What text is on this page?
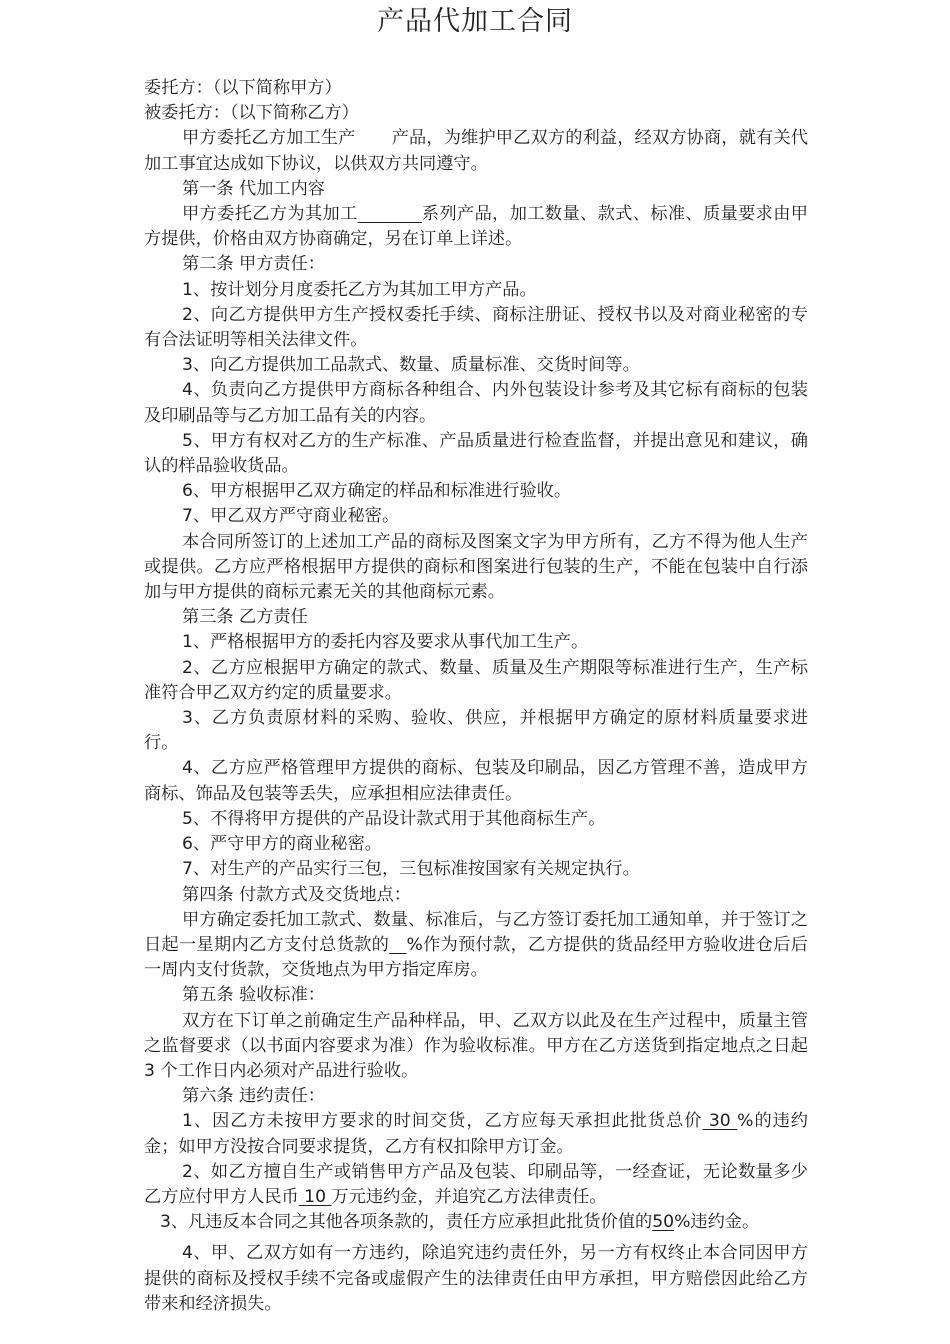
产品代加工合同

委托方：（以下简称甲方）

被委托方：（以下简称乙方）

甲方委托乙方加工生产 产品，为维护甲乙双方的利益，经双方协商，就有关代加工事宜达成如下协议，以供双方共同遵守。

第一条 代加工内容

甲方委托乙方为其加工	系列产品，加工数量、款式、标准、质量要求由甲方提供，价格由双方协商确定，另在订单上详述。

第二条 甲方责任：

1、按计划分月度委托乙方为其加工甲方产品。

2、向乙方提供甲方生产授权委托手续、商标注册证、授权书以及对商业秘密的专有合法证明等相关法律文件。

3、向乙方提供加工品款式、数量、质量标准、交货时间等。

4、负责向乙方提供甲方商标各种组合、内外包装设计参考及其它标有商标的包装及印刷品等与乙方加工品有关的内容。

5、甲方有权对乙方的生产标准、产品质量进行检查监督，并提出意见和建议，确认的样品验收货品。

6、甲方根据甲乙双方确定的样品和标准进行验收。

7、甲乙双方严守商业秘密。

本合同所签订的上述加工产品的商标及图案文字为甲方所有，乙方不得为他人生产或提供。乙方应严格根据甲方提供的商标和图案进行包装的生产，不能在包装中自行添加与甲方提供的商标元素无关的其他商标元素。

第三条 乙方责任

1、严格根据甲方的委托内容及要求从事代加工生产。

2、乙方应根据甲方确定的款式、数量、质量及生产期限等标准进行生产，生产标准符合甲乙双方约定的质量要求。

3、乙方负责原材料的采购、验收、供应，并根据甲方确定的原材料质量要求进行。

4、乙方应严格管理甲方提供的商标、包装及印刷品，因乙方管理不善，造成甲方商标、饰品及包装等丢失，应承担相应法律责任。

5、不得将甲方提供的产品设计款式用于其他商标生产。

6、严守甲方的商业秘密。

7、对生产的产品实行三包，三包标准按国家有关规定执行。

第四条 付款方式及交货地点：

甲方确定委托加工款式、数量、标准后，与乙方签订委托加工通知单，并于签订之日起一星期内乙方支付总货款的 %作为预付款，乙方提供的货品经甲方验收进仓后后一周内支付货款，交货地点为甲方指定库房。

第五条 验收标准：

双方在下订单之前确定生产品种样品，甲、乙双方以此及在生产过程中，质量主管之监督要求（以书面内容要求为准）作为验收标准。甲方在乙方送货到指定地点之日起 3 个工作日内必须对产品进行验收。

第六条 违约责任：

1、因乙方未按甲方要求的时间交货，乙方应每天承担此批货总价 30 %的违约金；如甲方没按合同要求提货，乙方有权扣除甲方订金。

2、如乙方擅自生产或销售甲方产品及包装、印刷品等，一经查证，无论数量多少乙方应付甲方人民币 10 万元违约金，并追究乙方法律责任。

3、凡违反本合同之其他各项条款的，责任方应承担此批货价值的50%违约金。

4、甲、乙双方如有一方违约，除追究违约责任外，另一方有权终止本合同因甲方提供的商标及授权手续不完备或虚假产生的法律责任由甲方承担，甲方赔偿因此给乙方带来和经济损失。
